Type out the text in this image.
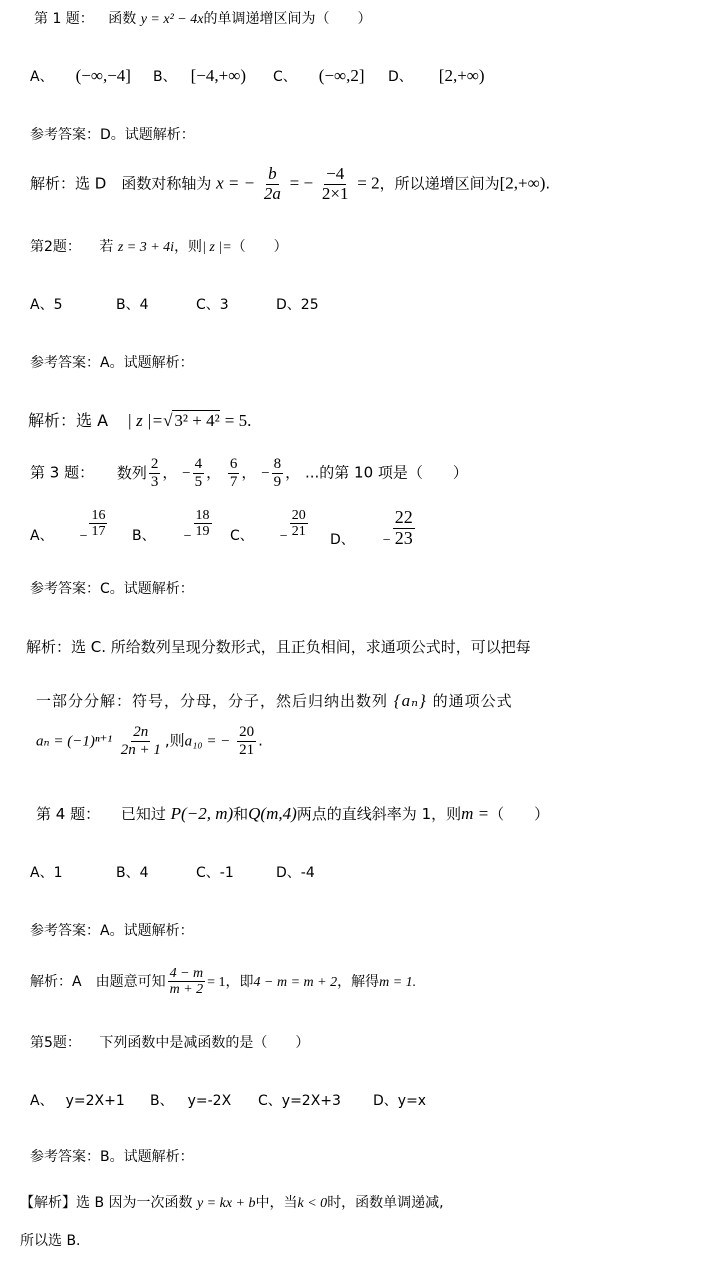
第 1 题： 函数 y = x² − 4x的单调递增区间为（　　）
A、 (−∞,−4] B、 [−4,+∞) C、 (−∞,2] D、 [2,+∞)
参考答案：D。试题解析：
解析：选 D　函数对称轴为 x = − $\frac{b}{2a}$ = − $\frac{-4}{2\times 1} = 2$，所以递增区间为[2,+∞).
第2题： 若 z = 3 + 4i，则| z |=（　　）
A、5	B、4	C、3	D、25
参考答案：A。试题解析：
解析：选 A | z |=√ 3² + 4² = 5.
第 3 题： 数列 $\frac{2}{3}$ ， − $\frac{4}{5}$ ， $\frac{6}{7}$ ， − $\frac{8}{9}$ ， ...的第 10 项是（　　）
A、 − $\frac{16}{17}$ B、 − $\frac{18}{19}$ C、 − $\frac{20}{21}$
D、 − $\frac{22}{23}$
参考答案：C。试题解析：
解析：选 C. 所给数列呈现分数形式，且正负相间，求通项公式时，可以把每
一部分分解：符号，分母，分子，然后归纳出数列 {aₙ} 的通项公式
$a_n = (-1)^{n+1} \frac{2n}{2n + 1}$ ,则a₁₀ = − $\frac{20}{21}$ .
第 4 题： 已知过 P(−2, m)和Q(m,4)两点的直线斜率为 1，则m =（　　）
A、1	B、4	C、-1	D、-4
参考答案：A。试题解析：
解析：A　由题意可知 $\frac{4 - m}{m + 2} = 1$，即4 − m = m + 2，解得m = 1.
第5题： 下列函数中是减函数的是（　　）
A、 y=2X+1 B、 y=-2X C、y=2X+3 D、y=x
参考答案：B。试题解析：
【解析】选 B 因为一次函数 y = kx + b中，当k < 0时，函数单调递减,
所以选 B.
